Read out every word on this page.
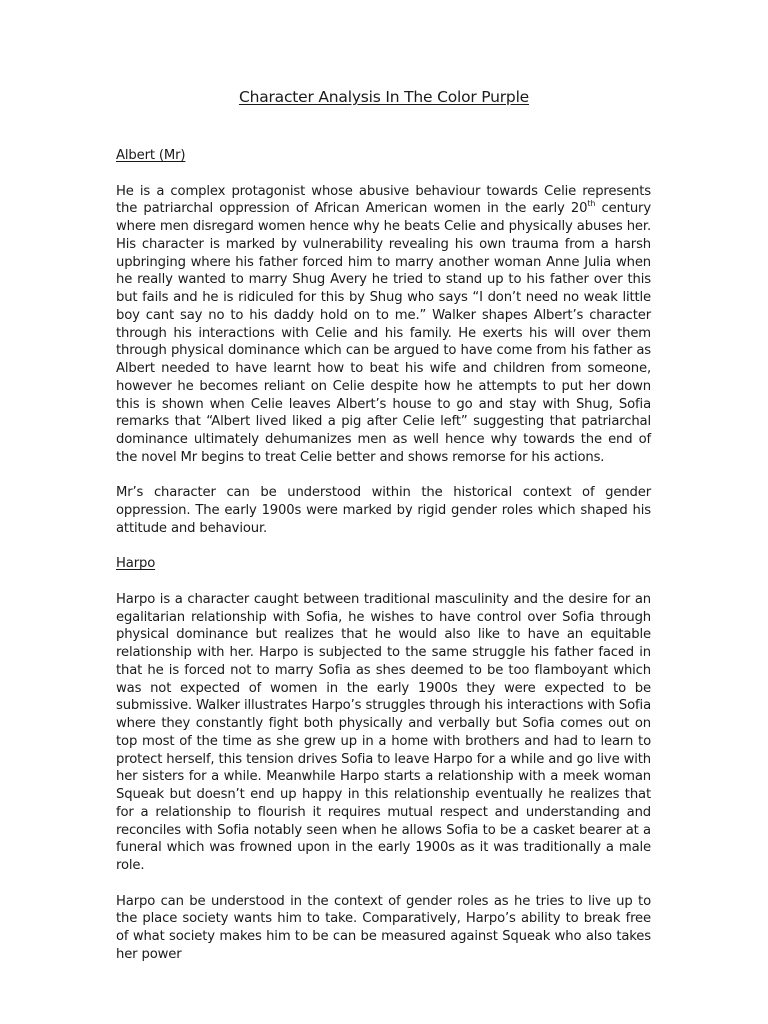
Character Analysis In The Color Purple
Albert (Mr)

He is a complex protagonist whose abusive behaviour towards Celie represents the patriarchal oppression of African American women in the early 20th century where men disregard women hence why he beats Celie and physically abuses her. His character is marked by vulnerability revealing his own trauma from a harsh upbringing where his father forced him to marry another woman Anne Julia when he really wanted to marry Shug Avery he tried to stand up to his father over this but fails and he is ridiculed for this by Shug who says “I don’t need no weak little boy cant say no to his daddy hold on to me.” Walker shapes Albert’s character through his interactions with Celie and his family. He exerts his will over them through physical dominance which can be argued to have come from his father as Albert needed to have learnt how to beat his wife and children from someone, however he becomes reliant on Celie despite how he attempts to put her down this is shown when Celie leaves Albert’s house to go and stay with Shug, Sofia remarks that “Albert lived liked a pig after Celie left” suggesting that patriarchal dominance ultimately dehumanizes men as well hence why towards the end of the novel Mr begins to treat Celie better and shows remorse for his actions.

Mr’s character can be understood within the historical context of gender oppression. The early 1900s were marked by rigid gender roles which shaped his attitude and behaviour.

Harpo

Harpo is a character caught between traditional masculinity and the desire for an egalitarian relationship with Sofia, he wishes to have control over Sofia through physical dominance but realizes that he would also like to have an equitable relationship with her. Harpo is subjected to the same struggle his father faced in that he is forced not to marry Sofia as shes deemed to be too flamboyant which was not expected of women in the early 1900s they were expected to be submissive. Walker illustrates Harpo’s struggles through his interactions with Sofia where they constantly fight both physically and verbally but Sofia comes out on top most of the time as she grew up in a home with brothers and had to learn to protect herself, this tension drives Sofia to leave Harpo for a while and go live with her sisters for a while. Meanwhile Harpo starts a relationship with a meek woman Squeak but doesn’t end up happy in this relationship eventually he realizes that for a relationship to flourish it requires mutual respect and understanding and reconciles with Sofia notably seen when he allows Sofia to be a casket bearer at a funeral which was frowned upon in the early 1900s as it was traditionally a male role.

Harpo can be understood in the context of gender roles as he tries to live up to the place society wants him to take. Comparatively, Harpo’s ability to break free of what society makes him to be can be measured against Squeak who also takes her power
